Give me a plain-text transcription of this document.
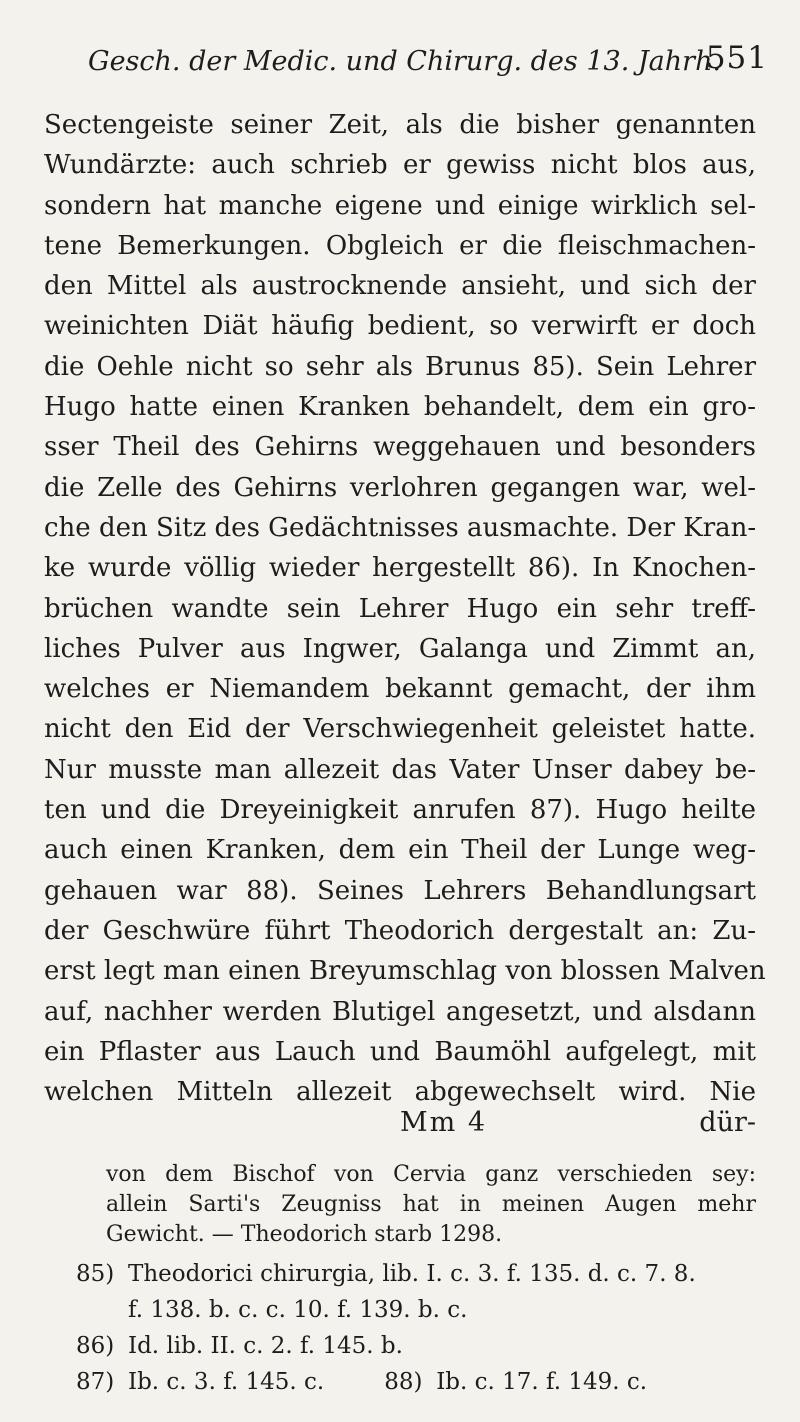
Gesch. der Medic. und Chirurg. des 13. Jahrh.
551
Sectengeiste seiner Zeit, als die bisher genannten
Wundärzte: auch schrieb er gewiss nicht blos aus,
sondern hat manche eigene und einige wirklich sel-
tene Bemerkungen. Obgleich er die fleischmachen-
den Mittel als austrocknende ansieht, und sich der
weinichten Diät häufig bedient, so verwirft er doch
die Oehle nicht so sehr als Brunus 85). Sein Lehrer
Hugo hatte einen Kranken behandelt, dem ein gro-
sser Theil des Gehirns weggehauen und besonders
die Zelle des Gehirns verlohren gegangen war, wel-
che den Sitz des Gedächtnisses ausmachte. Der Kran-
ke wurde völlig wieder hergestellt 86). In Knochen-
brüchen wandte sein Lehrer Hugo ein sehr treff-
liches Pulver aus Ingwer, Galanga und Zimmt an,
welches er Niemandem bekannt gemacht, der ihm
nicht den Eid der Verschwiegenheit geleistet hatte.
Nur musste man allezeit das Vater Unser dabey be-
ten und die Dreyeinigkeit anrufen 87). Hugo heilte
auch einen Kranken, dem ein Theil der Lunge weg-
gehauen war 88). Seines Lehrers Behandlungsart
der Geschwüre führt Theodorich dergestalt an: Zu-
erst legt man einen Breyumschlag von blossen Malven
auf, nachher werden Blutigel angesetzt, und alsdann
ein Pflaster aus Lauch und Baumöhl aufgelegt, mit
welchen Mitteln allezeit abgewechselt wird. Nie
Mm 4	dür-
von dem Bischof von Cervia ganz verschieden sey:
allein Sarti's Zeugniss hat in meinen Augen mehr
Gewicht. — Theodorich starb 1298.
85) Theodorici chirurgia, lib. I. c. 3. f. 135. d. c. 7. 8.
f. 138. b. c. c. 10. f. 139. b. c.
86) Id. lib. II. c. 2. f. 145. b.
87) Ib. c. 3. f. 145. c.	88) Ib. c. 17. f. 149. c.
